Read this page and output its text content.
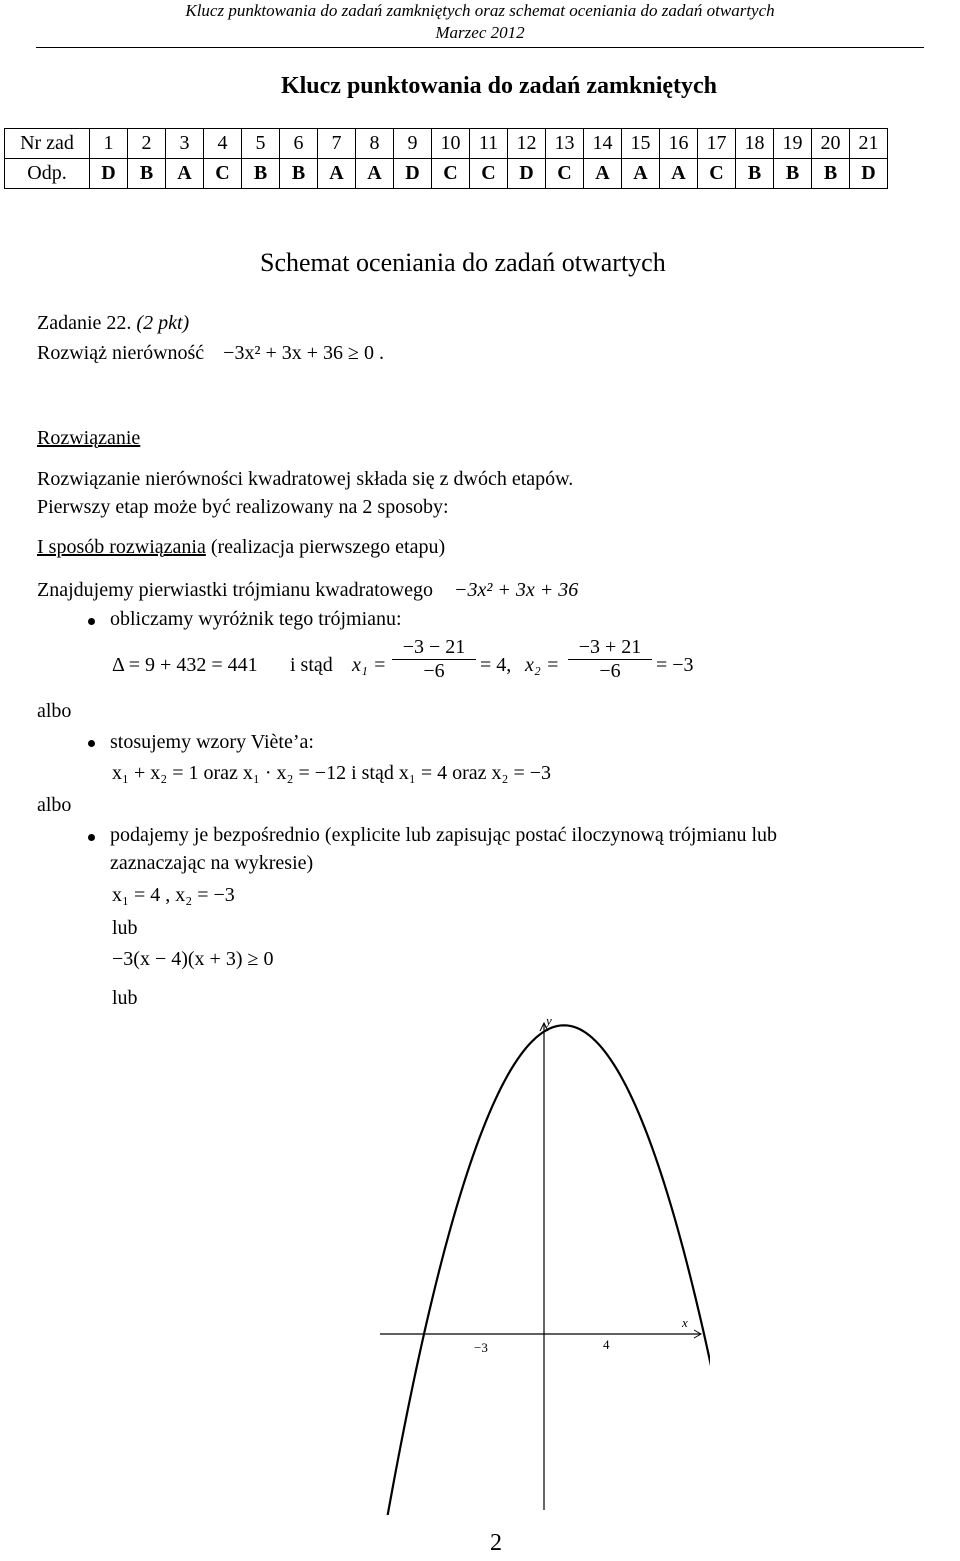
Klucz punktowania do zadań zamkniętych oraz schemat oceniania do zadań otwartych
Marzec 2012
Klucz punktowania do zadań zamkniętych
Nr zad	1	2	3	4	5	6	7	8	9	10	11	12	13	14	15	16	17	18	19	20	21
Odp.	D	B	A	C	B	B	A	A	D	C	C	D	C	A	A	A	C	B	B	B	D
Schemat oceniania do zadań otwartych
Zadanie 22. (2 pkt)
Rozwiąż nierówność −3x² + 3x + 36 ≥ 0 .
Rozwiązanie
Rozwiązanie nierówności kwadratowej składa się z dwóch etapów.
Pierwszy etap może być realizowany na 2 sposoby:
I sposób rozwiązania (realizacja pierwszego etapu)
Znajdujemy pierwiastki trójmianu kwadratowego −3x² + 3x + 36
obliczamy wyróżnik tego trójmianu:
Δ = 9 + 432 = 441 i stąd $x_1 = \frac{-3 - 21}{-6} = 4$, $x_2 = \frac{-3 + 21}{-6} = -3$
albo
stosujemy wzory Viète’a:
x₁ + x₂ = 1 oraz x₁ · x₂ = −12 i stąd x₁ = 4 oraz x₂ = −3
albo
podajemy je bezpośrednio (explicite lub zapisując postać iloczynową trójmianu lub
zaznaczając na wykresie)
x₁ = 4 , x₂ = −3
lub
−3(x − 4)(x + 3) ≥ 0
lub
y
x
−3	4
2
